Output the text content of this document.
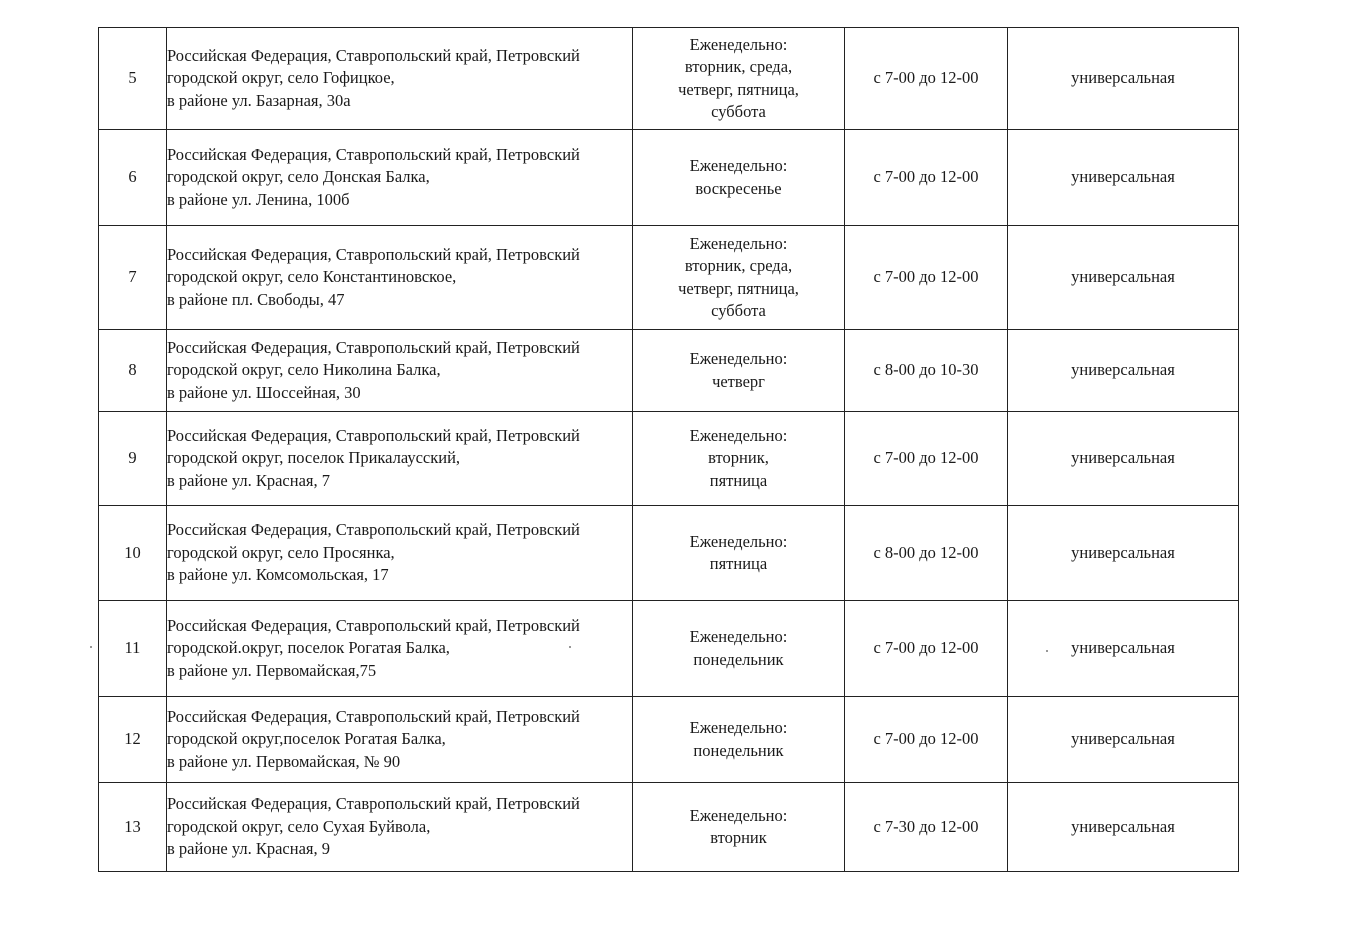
5	Российская Федерация, Ставропольский край, Петровский
городской округ, село Гофицкое,
в районе ул. Базарная, 30а	Еженедельно:
вторник, среда,
четверг, пятница,
суббота	с 7-00 до 12-00	универсальная
6	Российская Федерация, Ставропольский край, Петровский
городской округ, село Донская Балка,
в районе ул. Ленина, 100б	Еженедельно:
воскресенье	с 7-00 до 12-00	универсальная
7	Российская Федерация, Ставропольский край, Петровский
городской округ, село Константиновское,
в районе пл. Свободы, 47	Еженедельно:
вторник, среда,
четверг, пятница,
суббота	с 7-00 до 12-00	универсальная
8	Российская Федерация, Ставропольский край, Петровский
городской округ, село Николина Балка,
в районе ул. Шоссейная, 30	Еженедельно:
четверг	с 8-00 до 10-30	универсальная
9	Российская Федерация, Ставропольский край, Петровский
городской округ, поселок Прикалаусский,
в районе ул. Красная, 7	Еженедельно:
вторник,
пятница	с 7-00 до 12-00	универсальная
10	Российская Федерация, Ставропольский край, Петровский
городской округ, село Просянка,
в районе ул. Комсомольская, 17	Еженедельно:
пятница	с 8-00 до 12-00	универсальная
11	Российская Федерация, Ставропольский край, Петровский
городской.округ, поселок Рогатая Балка,
в районе ул. Первомайская,75	Еженедельно:
понедельник	с 7-00 до 12-00	универсальная
12	Российская Федерация, Ставропольский край, Петровский
городской округ,поселок Рогатая Балка,
в районе ул. Первомайская, № 90	Еженедельно:
понедельник	с 7-00 до 12-00	универсальная
13	Российская Федерация, Ставропольский край, Петровский
городской округ, село Сухая Буйвола,
в районе ул. Красная, 9	Еженедельно:
вторник	с 7-30 до 12-00	универсальная
